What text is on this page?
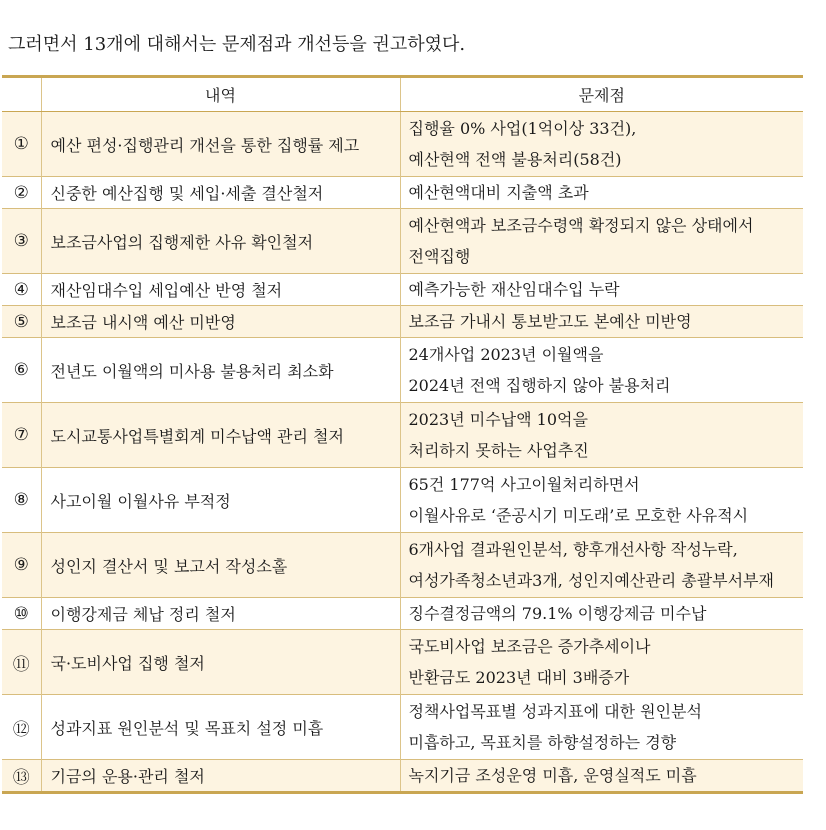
그러면서 13개에 대해서는 문제점과 개선등을 권고하였다.
	내역	문제점
①	예산 편성·집행관리 개선을 통한 집행률 제고	집행율 0% 사업(1억이상 33건),
예산현액 전액 불용처리(58건)

②	신중한 예산집행 및 세입·세출 결산철저	예산현액대비 지출액 초과

③	보조금사업의 집행제한 사유 확인철저	예산현액과 보조금수령액 확정되지 않은 상태에서
전액집행

④	재산임대수입 세입예산 반영 철저	예측가능한 재산임대수입 누락

⑤	보조금 내시액 예산 미반영	보조금 가내시 통보받고도 본예산 미반영

⑥	전년도 이월액의 미사용 불용처리 최소화	24개사업 2023년 이월액을
2024년 전액 집행하지 않아 불용처리

⑦	도시교통사업특별회계 미수납액 관리 철저	2023년 미수납액 10억을
처리하지 못하는 사업추진

⑧	사고이월 이월사유 부적정	65건 177억 사고이월처리하면서
이월사유로 ‘준공시기 미도래’로 모호한 사유적시

⑨	성인지 결산서 및 보고서 작성소홀	6개사업 결과원인분석, 향후개선사항 작성누락,
여성가족청소년과3개, 성인지예산관리 총괄부서부재

⑩	이행강제금 체납 정리 철저	징수결정금액의 79.1% 이행강제금 미수납

⑪	국·도비사업 집행 철저	국도비사업 보조금은 증가추세이나
반환금도 2023년 대비 3배증가

⑫	성과지표 원인분석 및 목표치 설정 미흡	정책사업목표별 성과지표에 대한 원인분석
미흡하고, 목표치를 하향설정하는 경향

⑬	기금의 운용·관리 철저	녹지기금 조성운영 미흡, 운영실적도 미흡
